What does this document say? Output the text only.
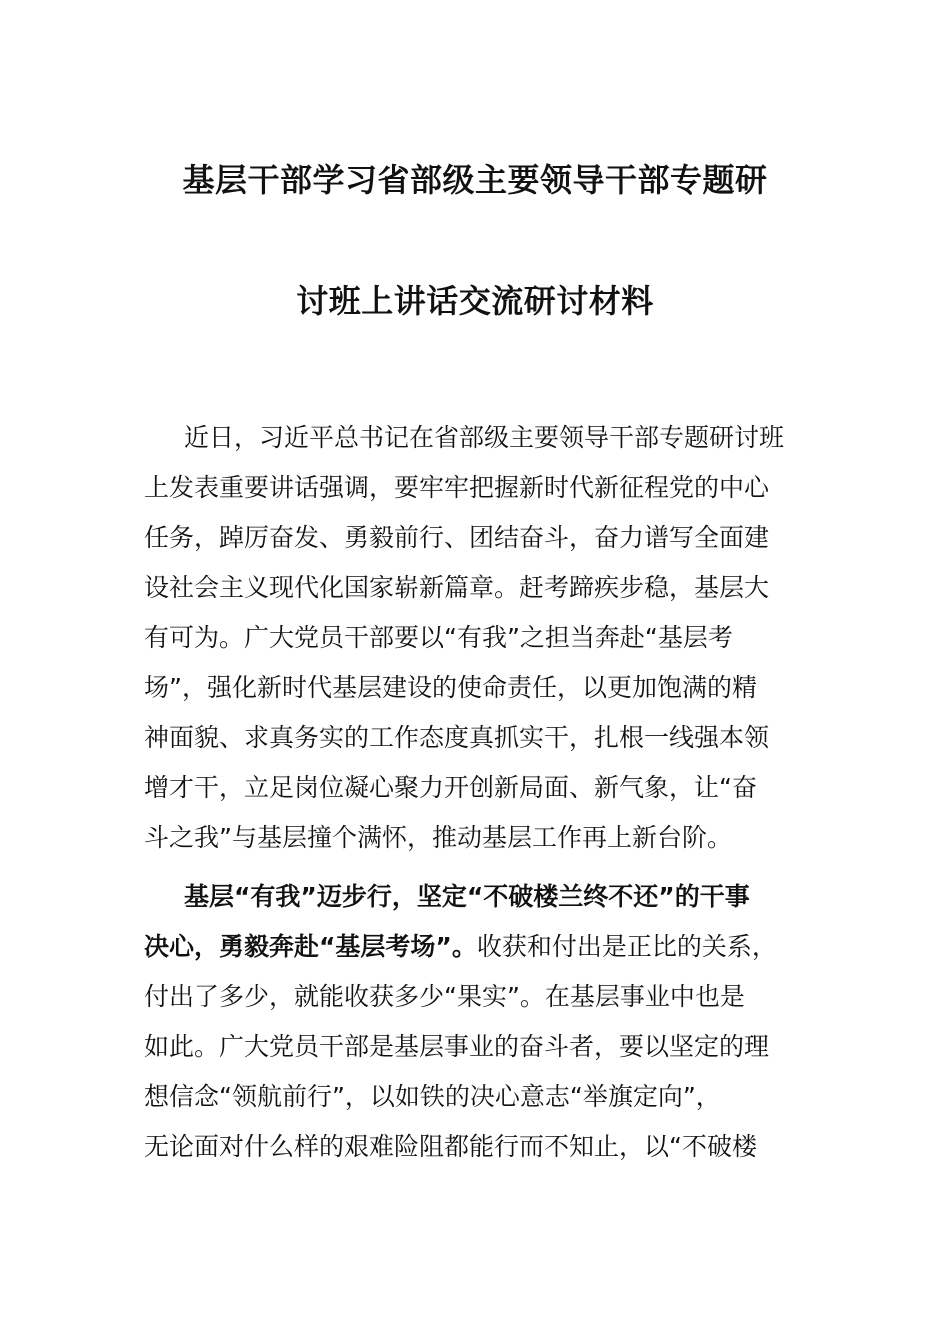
基层干部学习省部级主要领导干部专题研
讨班上讲话交流研讨材料
近日，习近平总书记在省部级主要领导干部专题研讨班
上发表重要讲话强调，要牢牢把握新时代新征程党的中心
任务，踔厉奋发、勇毅前行、团结奋斗，奋力谱写全面建
设社会主义现代化国家崭新篇章。赶考蹄疾步稳，基层大
有可为。广大党员干部要以“有我”之担当奔赴“基层考
场”，强化新时代基层建设的使命责任，以更加饱满的精
神面貌、求真务实的工作态度真抓实干，扎根一线强本领
增才干，立足岗位凝心聚力开创新局面、新气象，让“奋
斗之我”与基层撞个满怀，推动基层工作再上新台阶。
基层“有我”迈步行，坚定“不破楼兰终不还”的干事
决心，勇毅奔赴“基层考场”。收获和付出是正比的关系，
付出了多少，就能收获多少“果实”。在基层事业中也是
如此。广大党员干部是基层事业的奋斗者，要以坚定的理
想信念“领航前行”，以如铁的决心意志“举旗定向”，
无论面对什么样的艰难险阻都能行而不知止，以“不破楼
